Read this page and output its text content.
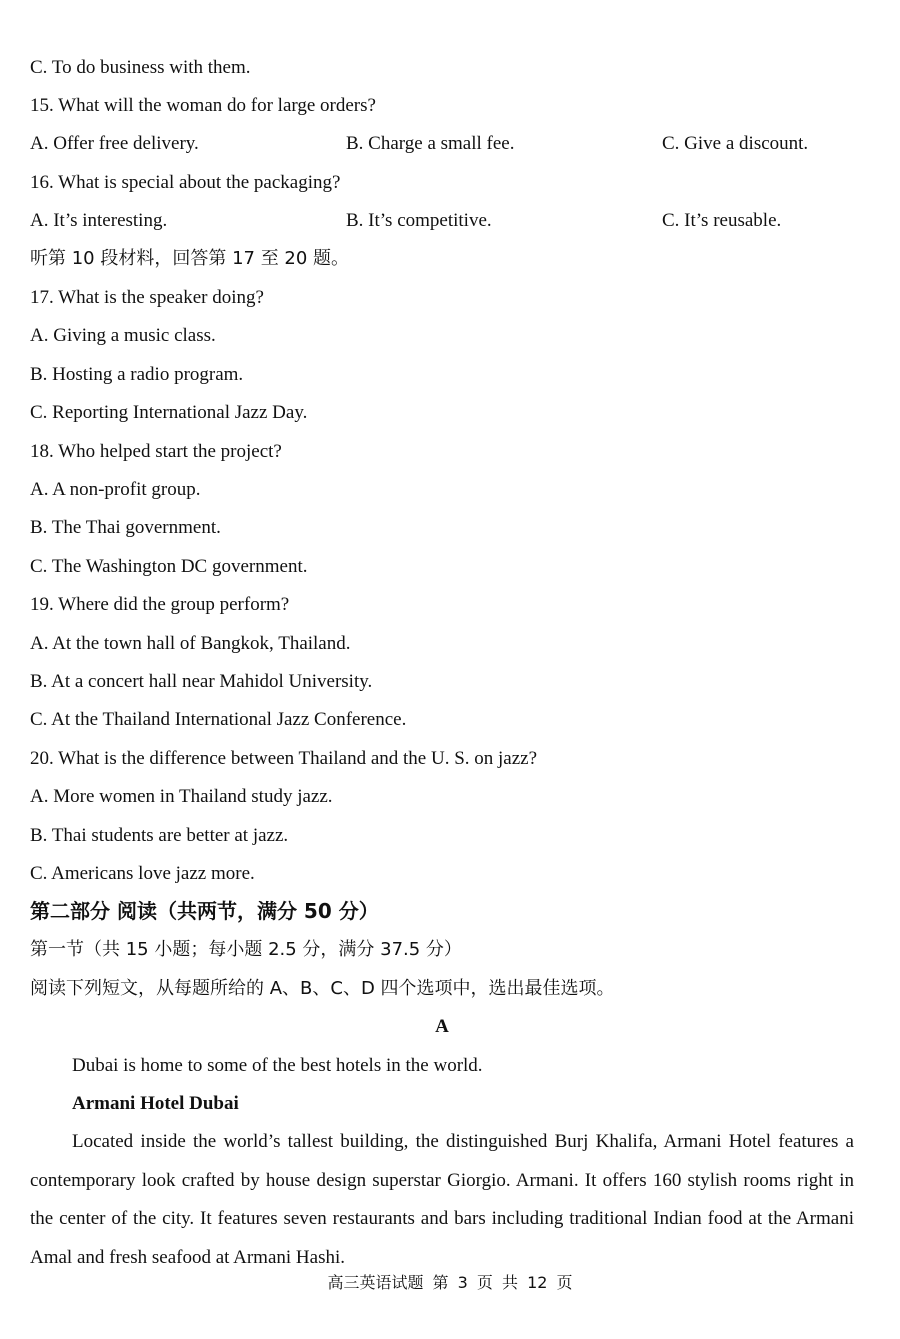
C. To do business with them.
15. What will the woman do for large orders?
A. Offer free delivery.	B. Charge a small fee.	C. Give a discount.
16. What is special about the packaging?
A. It’s interesting.	B. It’s competitive.	C. It’s reusable.
听第 10 段材料，回答第 17 至 20 题。
17. What is the speaker doing?
A. Giving a music class.
B. Hosting a radio program.
C. Reporting International Jazz Day.
18. Who helped start the project?
A. A non-profit group.
B. The Thai government.
C. The Washington DC government.
19. Where did the group perform?
A. At the town hall of Bangkok, Thailand.
B. At a concert hall near Mahidol University.
C. At the Thailand International Jazz Conference.
20. What is the difference between Thailand and the U. S. on jazz?
A. More women in Thailand study jazz.
B. Thai students are better at jazz.
C. Americans love jazz more.
第二部分 阅读（共两节，满分 50 分）
第一节（共 15 小题；每小题 2.5 分，满分 37.5 分）
阅读下列短文，从每题所给的 A、B、C、D 四个选项中，选出最佳选项。
A
Dubai is home to some of the best hotels in the world.
Armani Hotel Dubai
Located inside the world’s tallest building, the distinguished Burj Khalifa, Armani Hotel features a contemporary look crafted by house design superstar Giorgio. Armani. It offers 160 stylish rooms right in the center of the city. It features seven restaurants and bars including traditional Indian food at the Armani Amal and fresh seafood at Armani Hashi.
高三英语试题 第 3 页 共 12 页
